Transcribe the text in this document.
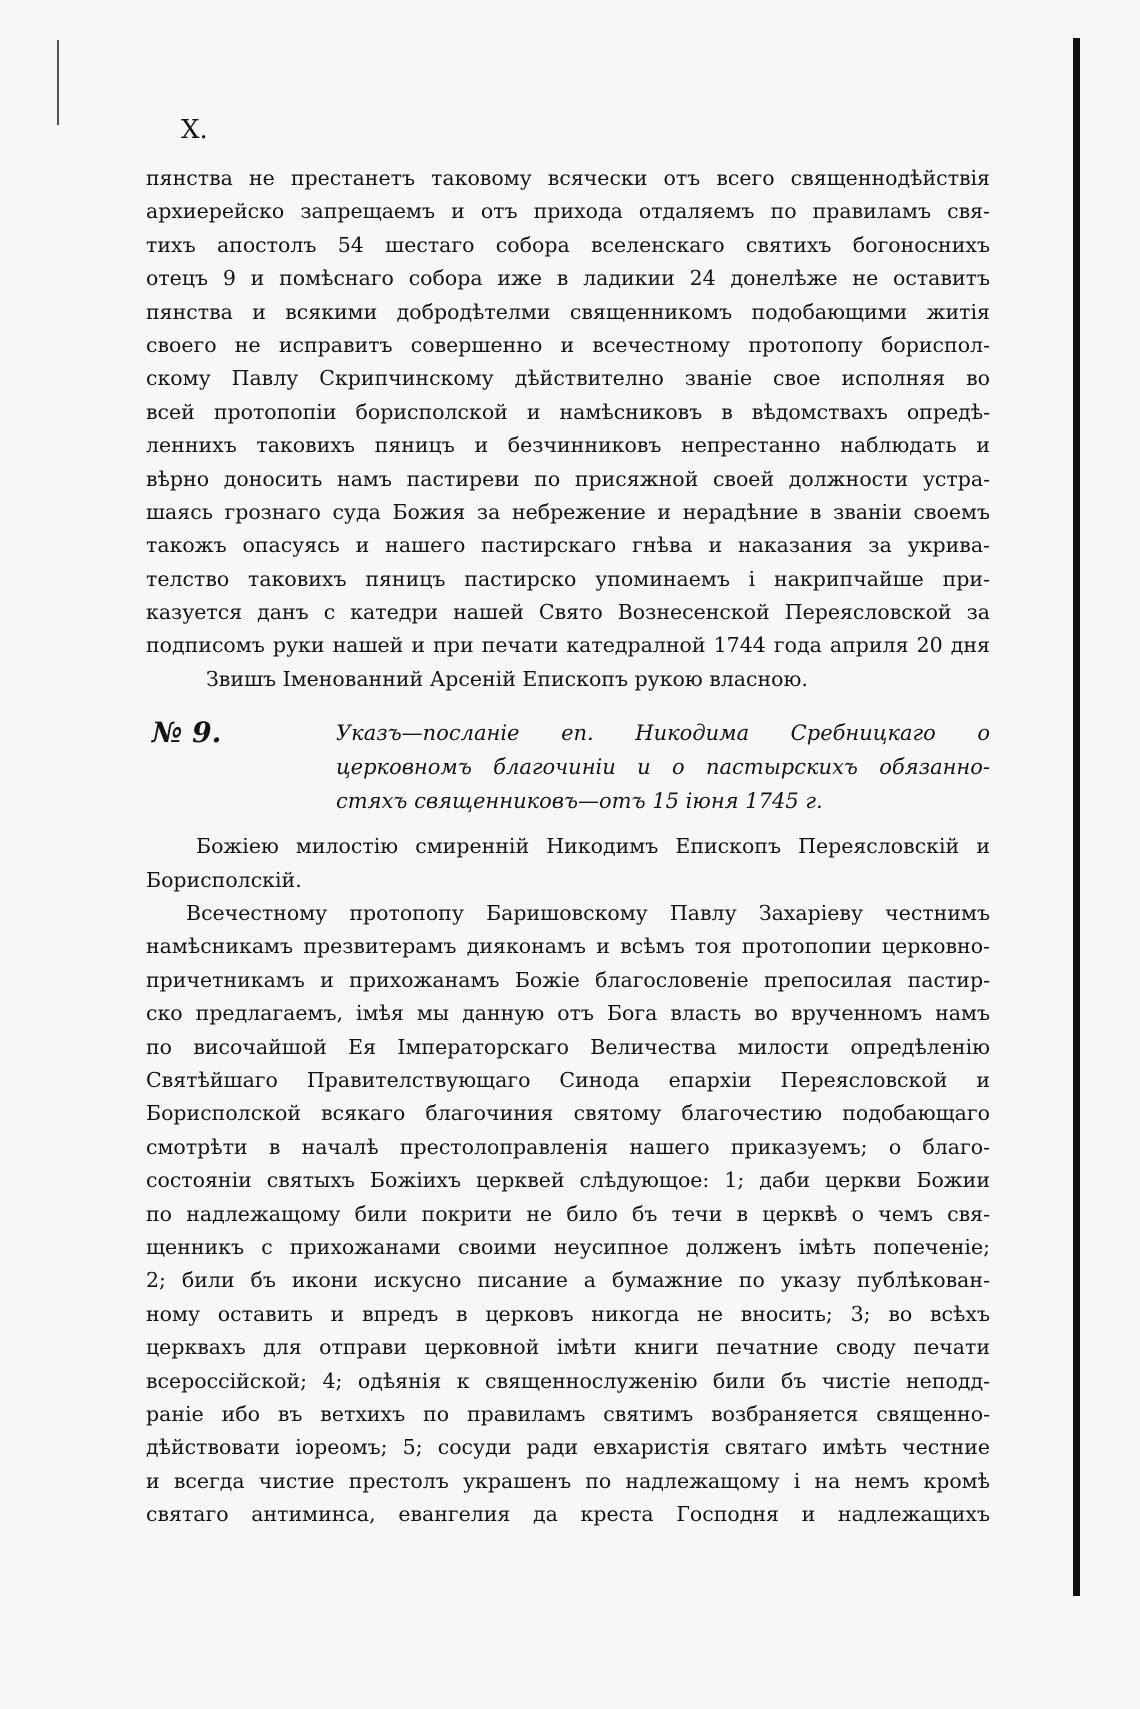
X.
пянства не престанетъ таковому всячески отъ всего священнодѣйствія
архиерейско запрещаемъ и отъ прихода отдаляемъ по правиламъ свя-
тихъ апостолъ 54 шестаго собора вселенскаго святихъ богоноснихъ
отецъ 9 и помѣснаго собора иже в ладикии 24 донелѣже не оставитъ
пянства и всякими добродѣтелми священникомъ подобающими житія
своего не исправитъ совершенно и всечестному протопопу бориспол-
скому Павлу Скрипчинскому дѣйствително званіе свое исполняя во
всей протопопіи борисполской и намѣсниковъ в вѣдомствахъ опредѣ-
леннихъ таковихъ пяницъ и безчинниковъ непрестанно наблюдать и
вѣрно доносить намъ пастиреви по присяжной своей должности устра-
шаясь грознаго суда Божия за небрежение и нерадѣние в званіи своемъ
такожъ опасуясь и нашего пастирскаго гнѣва и наказания за укрива-
телство таковихъ пяницъ пастирско упоминаемъ і накрипчайше при-
казуется данъ с катедри нашей Свято Вознесенской Переясловской за
подписомъ руки нашей и при печати катедралной 1744 года априля 20 дня
Звишъ Іменованний Арсеній Епископъ рукою власною.
№ 9.	Указъ—посланіе еп. Никодима Сребницкаго о
церковномъ благочиніи и о пастырскихъ обязанно-
стяхъ священниковъ—отъ 15 іюня 1745 г.
Божіею милостію смиренній Никодимъ Епископъ Переясловскій и
Борисполскій.
Всечестному протопопу Баришовскому Павлу Захаріеву честнимъ
намѣсникамъ презвитерамъ дияконамъ и всѣмъ тоя протопопии церковно-
причетникамъ и прихожанамъ Божіе благословеніе препосилая пастир-
ско предлагаемъ, імѣя мы данную отъ Бога власть во врученномъ намъ
по височайшой Ея Імператорскаго Величества милости опредѣленію
Святѣйшаго Правителствующаго Синода епархіи Переясловской и
Борисполской всякаго благочиния святому благочестию подобающаго
смотрѣти в началѣ престолоправленія нашего приказуемъ; о благо-
состояніи святыхъ Божіихъ церквей слѣдующое: 1; даби церкви Божии
по надлежащому били покрити не било бъ течи в церквѣ о чемъ свя-
щенникъ с прихожанами своими неусипное долженъ імѣть попеченіе;
2; били бъ икони искусно писание а бумажние по указу публѣкован-
ному оставить и впредъ в церковъ никогда не вносить; 3; во всѣхъ
церквахъ для отправи церковной імѣти книги печатние своду печати
всероссійской; 4; одѣянія к священнослуженію били бъ чистіе неподд-
раніе ибо въ ветхихъ по правиламъ святимъ возбраняется священно-
дѣйствовати іореомъ; 5; сосуди ради евхаристія святаго имѣть честние
и всегда чистие престолъ украшенъ по надлежащому і на немъ кромѣ
святаго антиминса, евангелия да креста Господня и надлежащихъ
